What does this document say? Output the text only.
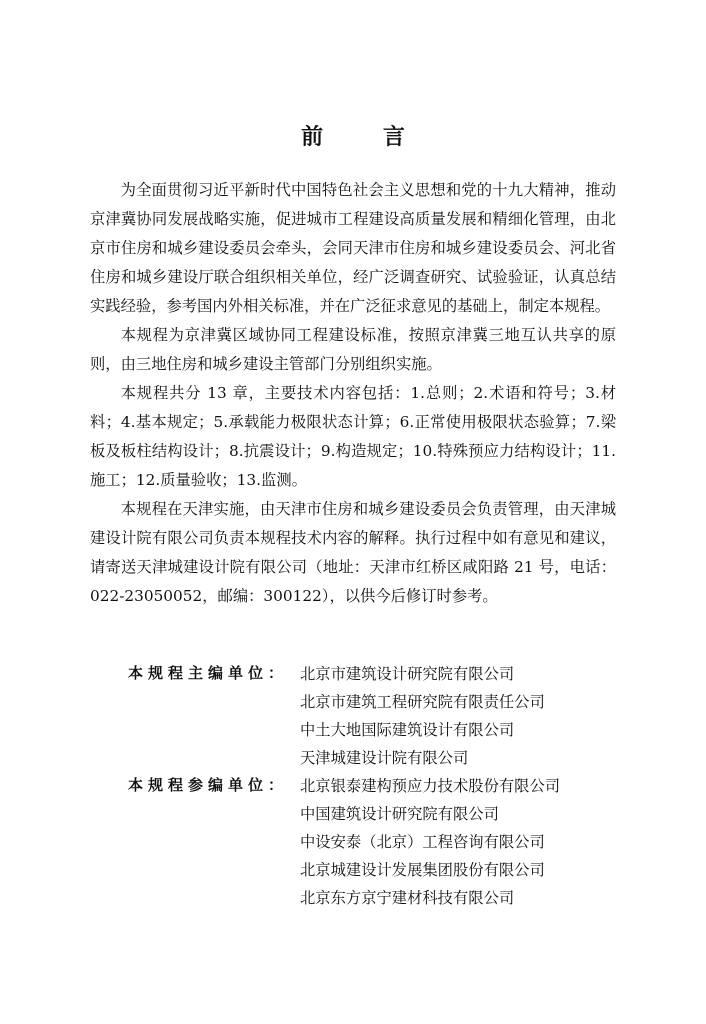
前 言

为全面贯彻习近平新时代中国特色社会主义思想和党的十九大精神，推动京津冀协同发展战略实施，促进城市工程建设高质量发展和精细化管理，由北京市住房和城乡建设委员会牵头，会同天津市住房和城乡建设委员会、河北省住房和城乡建设厅联合组织相关单位，经广泛调查研究、试验验证，认真总结实践经验，参考国内外相关标准，并在广泛征求意见的基础上，制定本规程。

本规程为京津冀区域协同工程建设标准，按照京津冀三地互认共享的原则，由三地住房和城乡建设主管部门分别组织实施。

本规程共分 13 章，主要技术内容包括：1.总则；2.术语和符号；3.材料；4.基本规定；5.承载能力极限状态计算；6.正常使用极限状态验算；7.梁板及板柱结构设计；8.抗震设计；9.构造规定；10.特殊预应力结构设计；11.施工；12.质量验收；13.监测。

本规程在天津实施，由天津市住房和城乡建设委员会负责管理，由天津城建设计院有限公司负责本规程技术内容的解释。执行过程中如有意见和建议，请寄送天津城建设计院有限公司（地址：天津市红桥区咸阳路 21 号，电话：022-23050052，邮编：300122），以供今后修订时参考。

本规程主编单位： 北京市建筑设计研究院有限公司
北京市建筑工程研究院有限责任公司
中土大地国际建筑设计有限公司
天津城建设计院有限公司
本规程参编单位： 北京银泰建构预应力技术股份有限公司
中国建筑设计研究院有限公司
中设安泰（北京）工程咨询有限公司
北京城建设计发展集团股份有限公司
北京东方京宁建材科技有限公司
